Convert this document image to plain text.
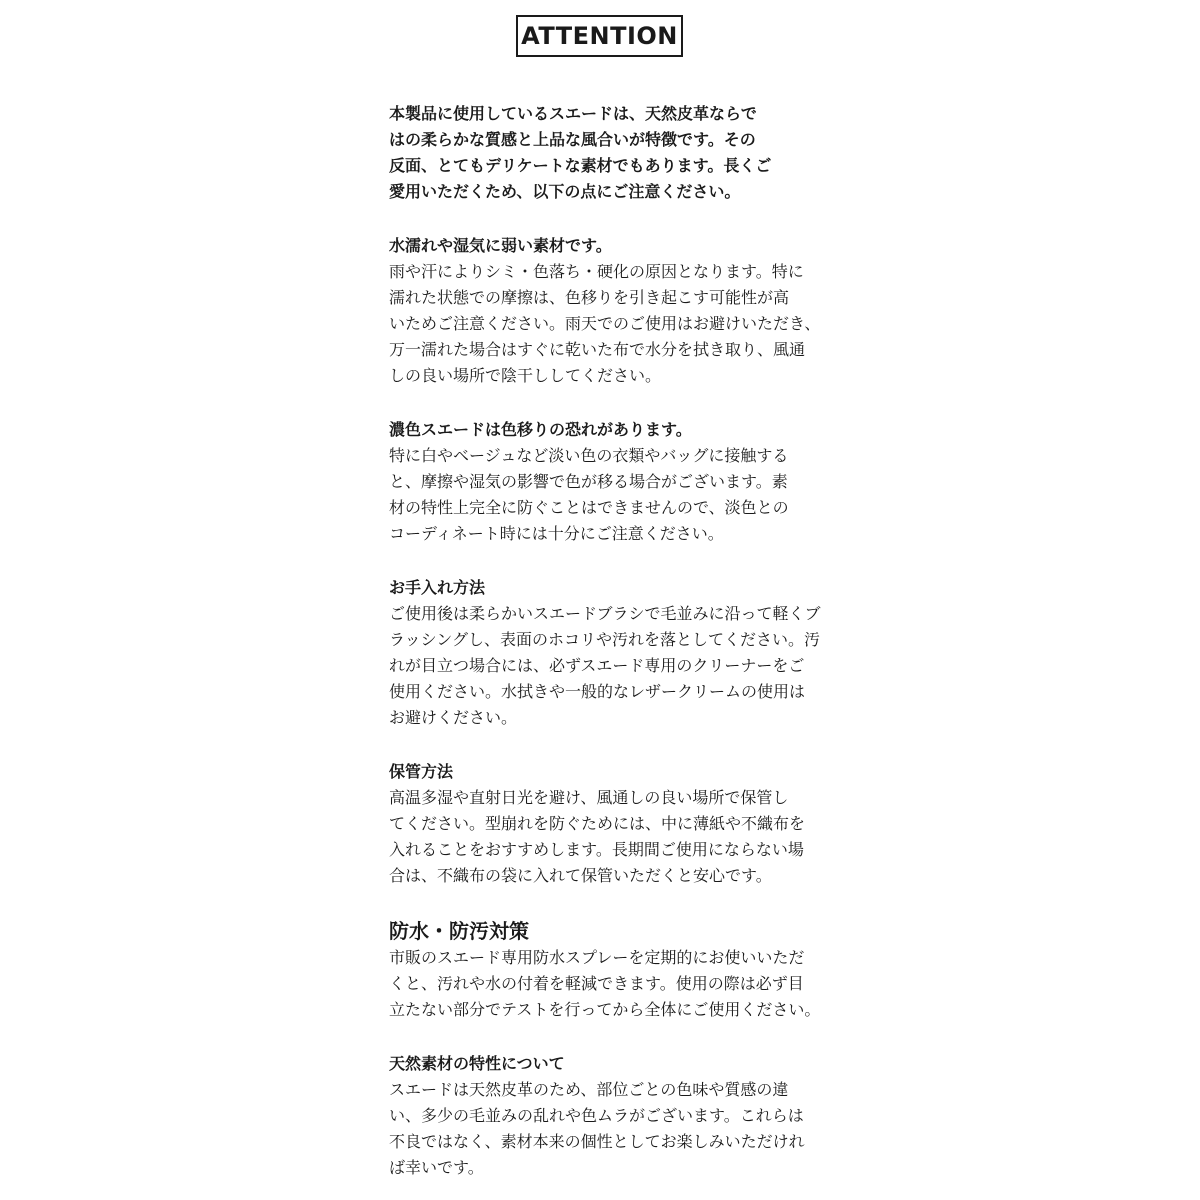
ATTENTION

本製品に使用しているスエードは、天然皮革ならで
はの柔らかな質感と上品な風合いが特徴です。その
反面、とてもデリケートな素材でもあります。長くご
愛用いただくため、以下の点にご注意ください。

水濡れや湿気に弱い素材です。

雨や汗によりシミ・色落ち・硬化の原因となります。特に
濡れた状態での摩擦は、色移りを引き起こす可能性が高
いためご注意ください。雨天でのご使用はお避けいただき、
万一濡れた場合はすぐに乾いた布で水分を拭き取り、風通
しの良い場所で陰干ししてください。

濃色スエードは色移りの恐れがあります。

特に白やベージュなど淡い色の衣類やバッグに接触する
と、摩擦や湿気の影響で色が移る場合がございます。素
材の特性上完全に防ぐことはできませんので、淡色との
コーディネート時には十分にご注意ください。

お手入れ方法

ご使用後は柔らかいスエードブラシで毛並みに沿って軽くブ
ラッシングし、表面のホコリや汚れを落としてください。汚
れが目立つ場合には、必ずスエード専用のクリーナーをご
使用ください。水拭きや一般的なレザークリームの使用は
お避けください。

保管方法

高温多湿や直射日光を避け、風通しの良い場所で保管し
てください。型崩れを防ぐためには、中に薄紙や不織布を
入れることをおすすめします。長期間ご使用にならない場
合は、不織布の袋に入れて保管いただくと安心です。

防水・防汚対策

市販のスエード専用防水スプレーを定期的にお使いいただ
くと、汚れや水の付着を軽減できます。使用の際は必ず目
立たない部分でテストを行ってから全体にご使用ください。

天然素材の特性について

スエードは天然皮革のため、部位ごとの色味や質感の違
い、多少の毛並みの乱れや色ムラがございます。これらは
不良ではなく、素材本来の個性としてお楽しみいただけれ
ば幸いです。
